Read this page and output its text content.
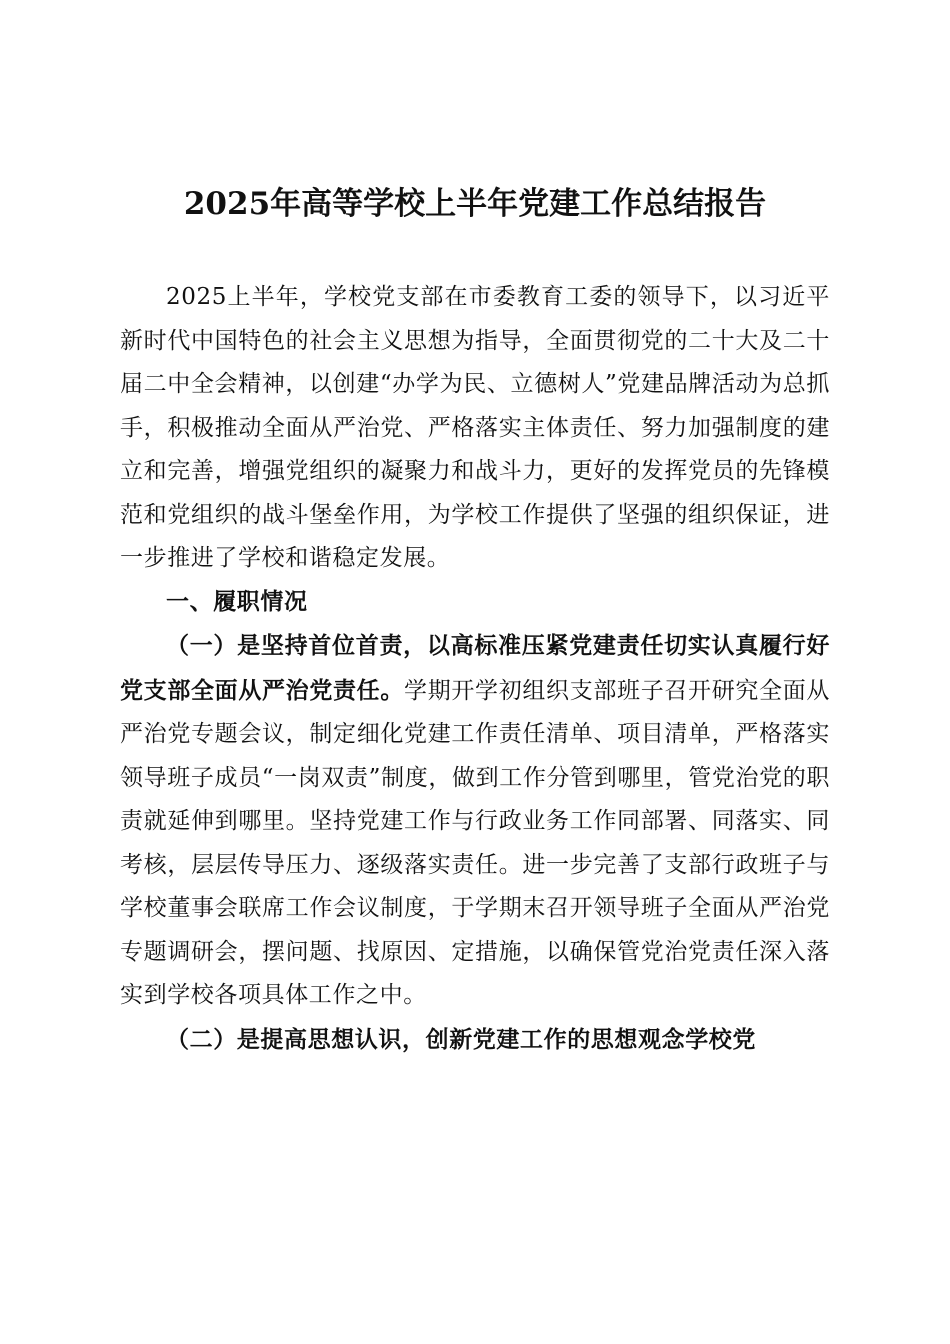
2025年高等学校上半年党建工作总结报告

2025上半年，学校党支部在市委教育工委的领导下，以习近平新时代中国特色的社会主义思想为指导，全面贯彻党的二十大及二十届二中全会精神，以创建“办学为民、立德树人”党建品牌活动为总抓手，积极推动全面从严治党、严格落实主体责任、努力加强制度的建立和完善，增强党组织的凝聚力和战斗力，更好的发挥党员的先锋模范和党组织的战斗堡垒作用，为学校工作提供了坚强的组织保证，进一步推进了学校和谐稳定发展。

一、履职情况

（一）是坚持首位首责，以高标准压紧党建责任切实认真履行好党支部全面从严治党责任。学期开学初组织支部班子召开研究全面从严治党专题会议，制定细化党建工作责任清单、项目清单，严格落实领导班子成员“一岗双责”制度，做到工作分管到哪里，管党治党的职责就延伸到哪里。坚持党建工作与行政业务工作同部署、同落实、同考核，层层传导压力、逐级落实责任。进一步完善了支部行政班子与学校董事会联席工作会议制度，于学期末召开领导班子全面从严治党专题调研会，摆问题、找原因、定措施，以确保管党治党责任深入落实到学校各项具体工作之中。

（二）是提高思想认识，创新党建工作的思想观念学校党
